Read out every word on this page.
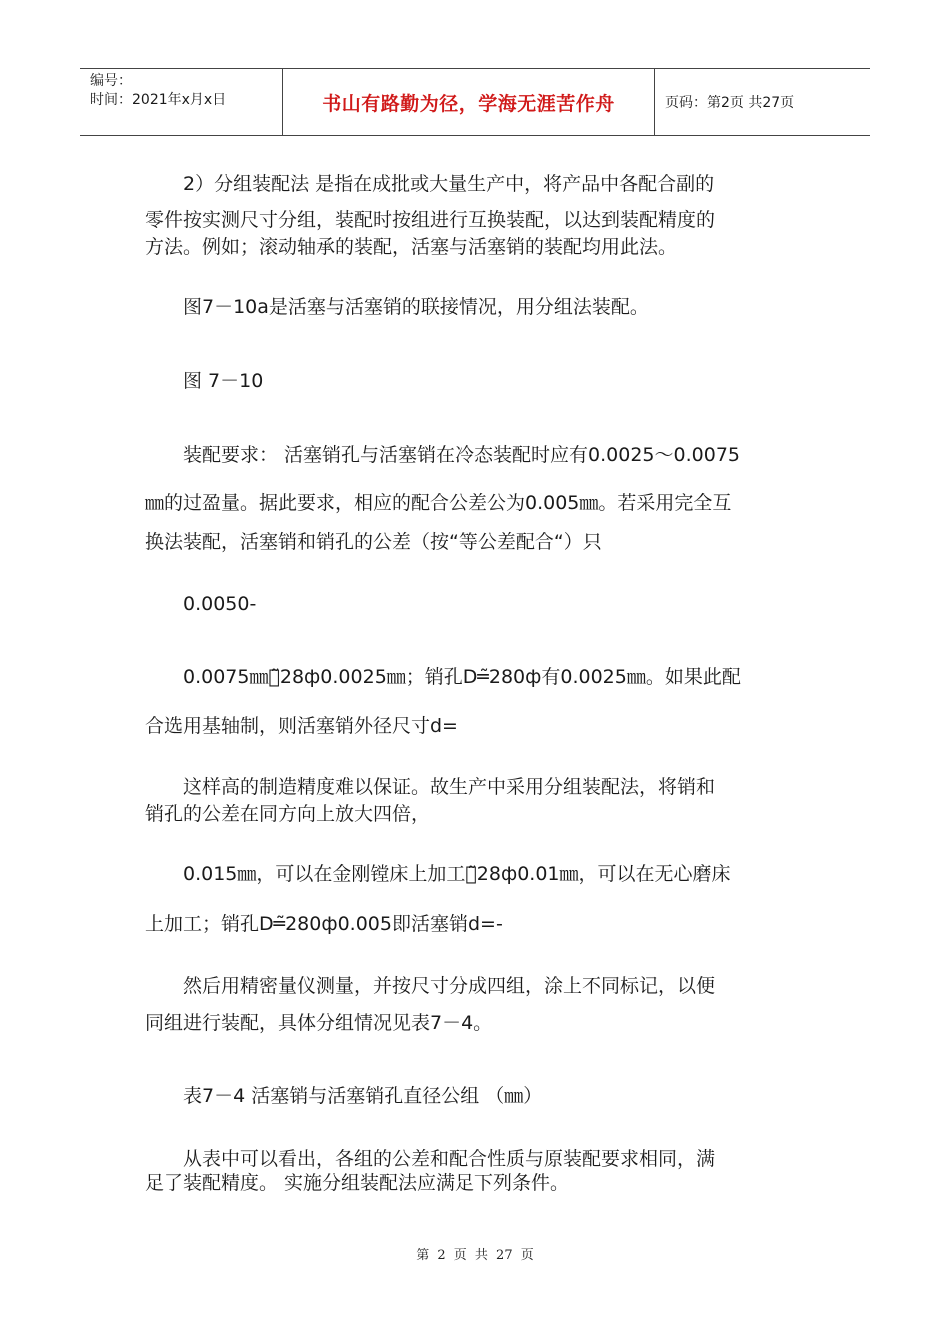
编号：
时间：2021年x月x日	书山有路勤为径，学海无涯苦作舟	页码：第2页 共27页

2）分组装配法 是指在成批或大量生产中，将产品中各配合副的

零件按实测尺寸分组，装配时按组进行互换装配，以达到装配精度的

方法。例如；滚动轴承的装配，活塞与活塞销的装配均用此法。

图7－10a是活塞与活塞销的联接情况，用分组法装配。

图 7－10

装配要求： 活塞销孔与活塞销在冷态装配时应有0.0025～0.0075

㎜的过盈量。据此要求，相应的配合公差公为0.005㎜。若采用完全互

换法装配，活塞销和销孔的公差（按“等公差配合“）只

0.0050-

0.0075㎜，̃28ф0.0025㎜；销孔D═̃280ф有0.0025㎜。如果此配

合选用基轴制，则活塞销外径尺寸d=

这样高的制造精度难以保证。故生产中采用分组装配法，将销和

销孔的公差在同方向上放大四倍，

0.015㎜，可以在金刚镗床上加工。̃28ф0.01㎜，可以在无心磨床

上加工；销孔D═̃280ф0.005即活塞销d=-

然后用精密量仪测量，并按尺寸分成四组，涂上不同标记，以便

同组进行装配，具体分组情况见表7－4。

表7－4 活塞销与活塞销孔直径公组 （㎜）

从表中可以看出，各组的公差和配合性质与原装配要求相同，满

足了装配精度。 实施分组装配法应满足下列条件。

第 2 页 共 27 页
